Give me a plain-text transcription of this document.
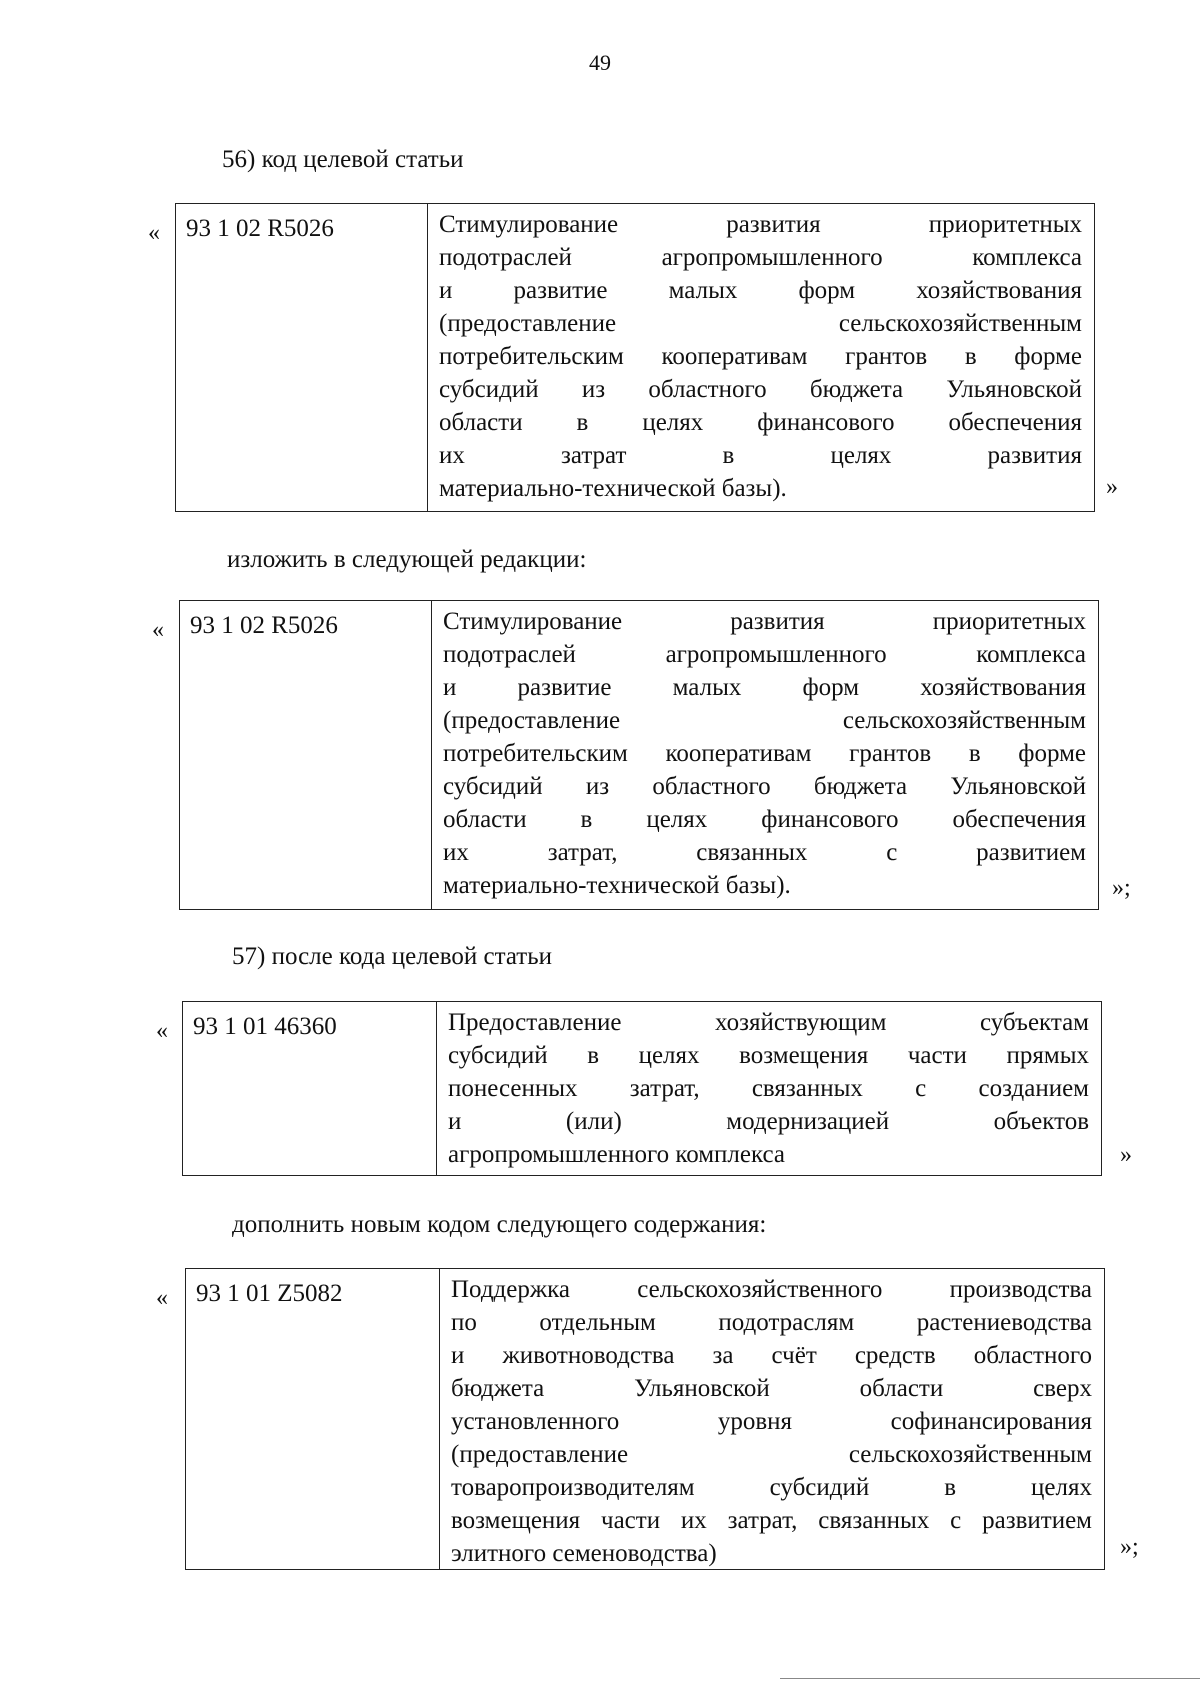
49
56) код целевой статьи
«	93 1 02 R5026	Стимулирование развития приоритетных
подотраслей агропромышленного комплекса
и развитие малых форм хозяйствования
(предоставление сельскохозяйственным
потребительским кооперативам грантов в форме
субсидий из областного бюджета Ульяновской
области в целях финансового обеспечения
их затрат в целях развития
материально-технической базы).	»
изложить в следующей редакции:
«	93 1 02 R5026	Стимулирование развития приоритетных
подотраслей агропромышленного комплекса
и развитие малых форм хозяйствования
(предоставление сельскохозяйственным
потребительским кооперативам грантов в форме
субсидий из областного бюджета Ульяновской
области в целях финансового обеспечения
их затрат, связанных с развитием
материально-технической базы).	»;
57) после кода целевой статьи
«	93 1 01 46360	Предоставление хозяйствующим субъектам
субсидий в целях возмещения части прямых
понесенных затрат, связанных с созданием
и (или) модернизацией объектов
агропромышленного комплекса	»
дополнить новым кодом следующего содержания:
«	93 1 01 Z5082	Поддержка сельскохозяйственного производства
по отдельным подотраслям растениеводства
и животноводства за счёт средств областного
бюджета Ульяновской области сверх
установленного уровня софинансирования
(предоставление сельскохозяйственным
товаропроизводителям субсидий в целях
возмещения части их затрат, связанных с развитием
элитного семеноводства)	»;
